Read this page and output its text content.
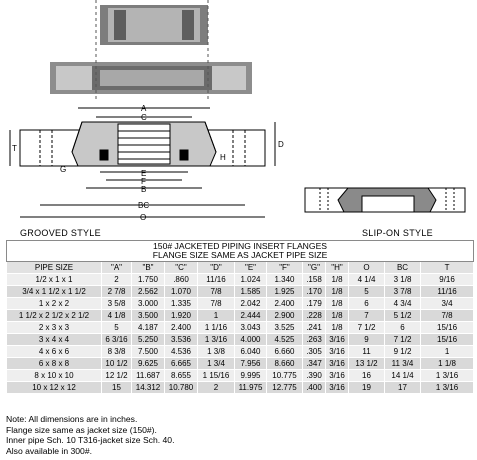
A
C
E
F
B
BC
O
T	D
G
H
GROOVED STYLE	SLIP-ON STYLE
150# JACKETED PIPING INSERT FLANGES
FLANGE SIZE SAME AS JACKET PIPE SIZE											

PIPE SIZE	"A"	"B"	"C"	"D"	"E"	"F"	"G"	"H"	O	BC	T
1/2 x 1 x 1	2	1.750	.860	11/16	1.024	1.340	.158	1/8	4 1/4	3 1/8	9/16
3/4 x 1 1/2 x 1 1/2	2 7/8	2.562	1.070	7/8	1.585	1.925	.170	1/8	5	3 7/8	11/16
1 x 2 x 2	3 5/8	3.000	1.335	7/8	2.042	2.400	.179	1/8	6	4 3/4	3/4
1 1/2 x 2 1/2 x 2 1/2	4 1/8	3.500	1.920	1	2.444	2.900	.228	1/8	7	5 1/2	7/8
2 x 3 x 3	5	4.187	2.400	1 1/16	3.043	3.525	.241	1/8	7 1/2	6	15/16
3 x 4 x 4	6 3/16	5.250	3.536	1 3/16	4.000	4.525	.263	3/16	9	7 1/2	15/16
4 x 6 x 6	8 3/8	7.500	4.536	1 3/8	6.040	6.660	.305	3/16	11	9 1/2	1
6 x 8 x 8	10 1/2	9.625	6.665	1 3/4	7.956	8.660	.347	3/16	13 1/2	11 3/4	1 1/8
8 x 10 x 10	12 1/2	11.687	8.655	1 15/16	9.995	10.775	.390	3/16	16	14 1/4	1 3/16
10 x 12 x 12	15	14.312	10.780	2	11.975	12.775	.400	3/16	19	17	1 3/16
Note: All dimensions are in inches.
Flange size same as jacket size (150#).
Inner pipe Sch. 10 T316-jacket size Sch. 40.
Also available in 300#.
